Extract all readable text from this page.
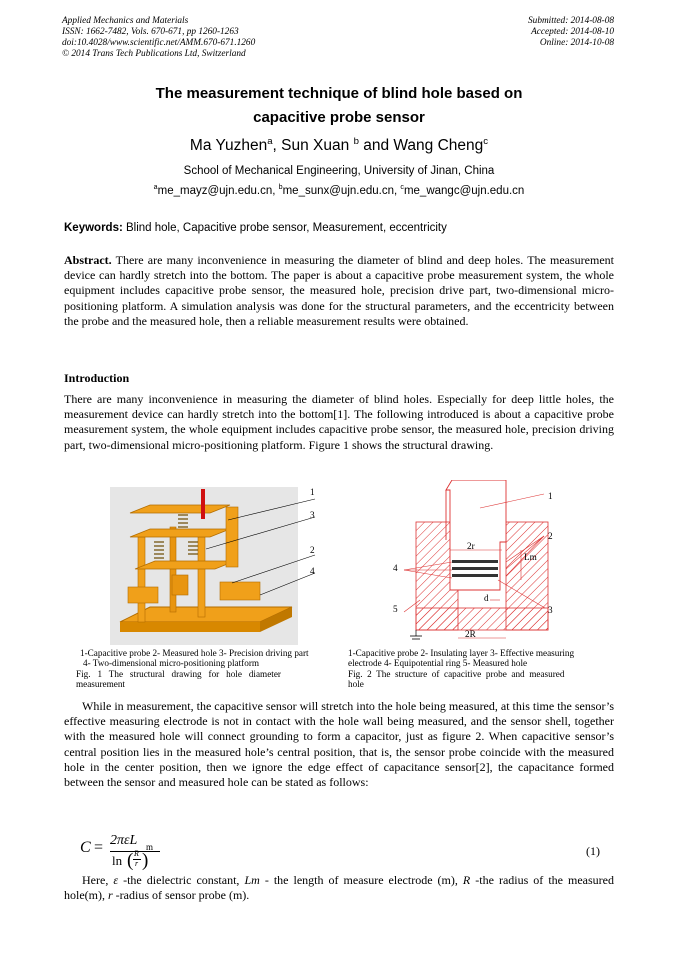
Applied Mechanics and Materials
ISSN: 1662-7482, Vols. 670-671, pp 1260-1263
doi:10.4028/www.scientific.net/AMM.670-671.1260
© 2014 Trans Tech Publications Ltd, Switzerland
Submitted: 2014-08-08
Accepted: 2014-08-10
Online: 2014-10-08
The measurement technique of blind hole based on
capacitive probe sensor
Ma Yuzhen$^a$, Sun Xuan $^b$ and Wang Cheng$^c$
School of Mechanical Engineering, University of Jinan, China
$^a$me_mayz@ujn.edu.cn, $^b$me_sunx@ujn.edu.cn, $^c$me_wangc@ujn.edu.cn
Keywords: Blind hole, Capacitive probe sensor, Measurement, eccentricity
Abstract. There are many inconvenience in measuring the diameter of blind and deep holes. The measurement device can hardly stretch into the bottom. The paper is about a capacitive probe measurement system, the whole equipment includes capacitive probe sensor, the measured hole, precision drive part, two-dimensional micro-positioning platform. A simulation analysis was done for the structural parameters, and the eccentricity between the probe and the measured hole, then a reliable measurement results were obtained.
Introduction
There are many inconvenience in measuring the diameter of blind holes. Especially for deep little holes, the measurement device can hardly stretch into the bottom[1]. The following introduced is about a capacitive probe measurement system, the whole equipment includes capacitive probe sensor, the measured hole, precision driving part, two-dimensional micro-positioning platform. Figure 1 shows the structural drawing.
1
3
2
4
1
2
3
4
5
2r
Lm
d
2R
1-Capacitive probe 2- Measured hole 3- Precision driving part
4- Two-dimensional micro-positioning platform
Fig.   1   The   structural   drawing   for   hole   diameter
measurement
1-Capacitive probe 2- Insulating layer 3- Effective measuring
electrode 4- Equipotential ring 5- Measured hole
Fig.  2  The  structure  of  capacitive  probe  and  measured
hole
While in measurement, the capacitive sensor will stretch into the hole being measured, at this time the sensor’s effective measuring electrode is not in contact with the hole wall being measured, and the sensor shell, together with the measured hole will connect grounding to form a capacitor, just as figure 2. When capacitive sensor’s central position lies in the measured hole’s central position, that is, the sensor probe coincide with the measured hole in the center position, then we ignore the edge effect of capacitance sensor[2], the capacitance formed between the sensor and measured hole can be stated as follows:
C = 2πεL m
ln ( R
r )	(1)
Here, ε -the dielectric constant, Lm - the length of measure electrode (m), R -the radius of the measured hole(m), r -radius of sensor probe (m).
